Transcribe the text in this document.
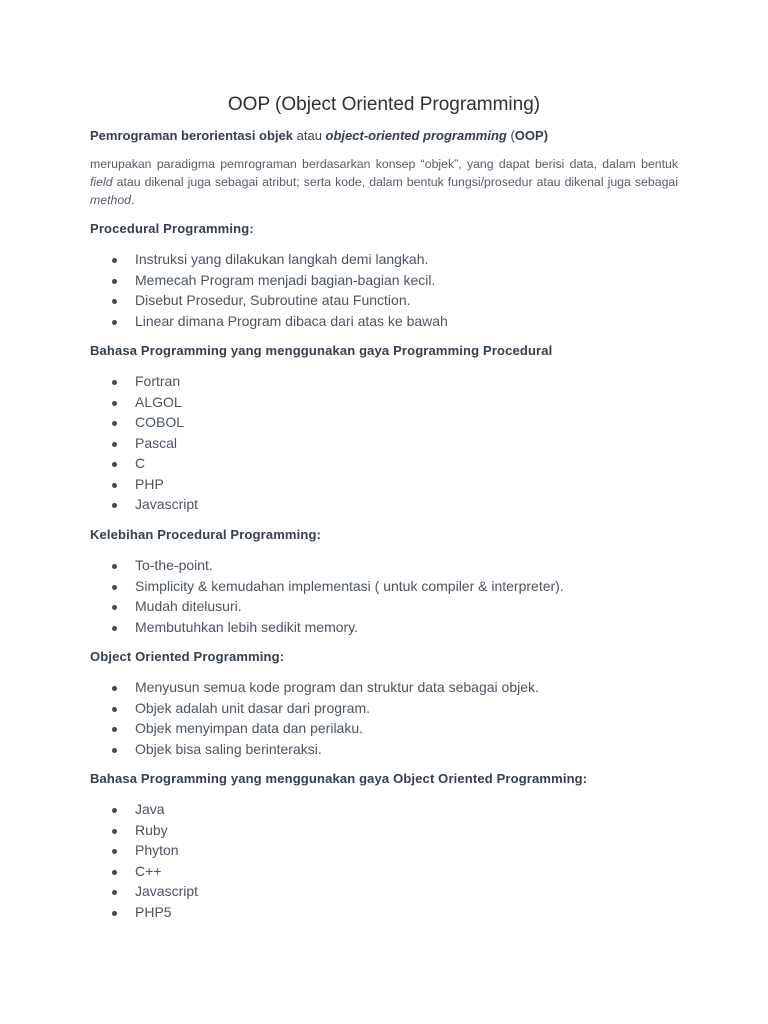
OOP (Object Oriented Programming)
Pemrograman berorientasi objek atau object-oriented programming (OOP)
merupakan paradigma pemrograman berdasarkan konsep “objek”, yang dapat berisi data, dalam bentuk field atau dikenal juga sebagai atribut; serta kode, dalam bentuk fungsi/prosedur atau dikenal juga sebagai method.
Procedural Programming:
Instruksi yang dilakukan langkah demi langkah.
Memecah Program menjadi bagian-bagian kecil.
Disebut Prosedur, Subroutine atau Function.
Linear dimana Program dibaca dari atas ke bawah
Bahasa Programming yang menggunakan gaya Programming Procedural
Fortran
ALGOL
COBOL
Pascal
C
PHP
Javascript
Kelebihan Procedural Programming:
To-the-point.
Simplicity & kemudahan implementasi ( untuk compiler & interpreter).
Mudah ditelusuri.
Membutuhkan lebih sedikit memory.
Object Oriented Programming:
Menyusun semua kode program dan struktur data sebagai objek.
Objek adalah unit dasar dari program.
Objek menyimpan data dan perilaku.
Objek bisa saling berinteraksi.
Bahasa Programming yang menggunakan gaya Object Oriented Programming:
Java
Ruby
Phyton
C++
Javascript
PHP5
